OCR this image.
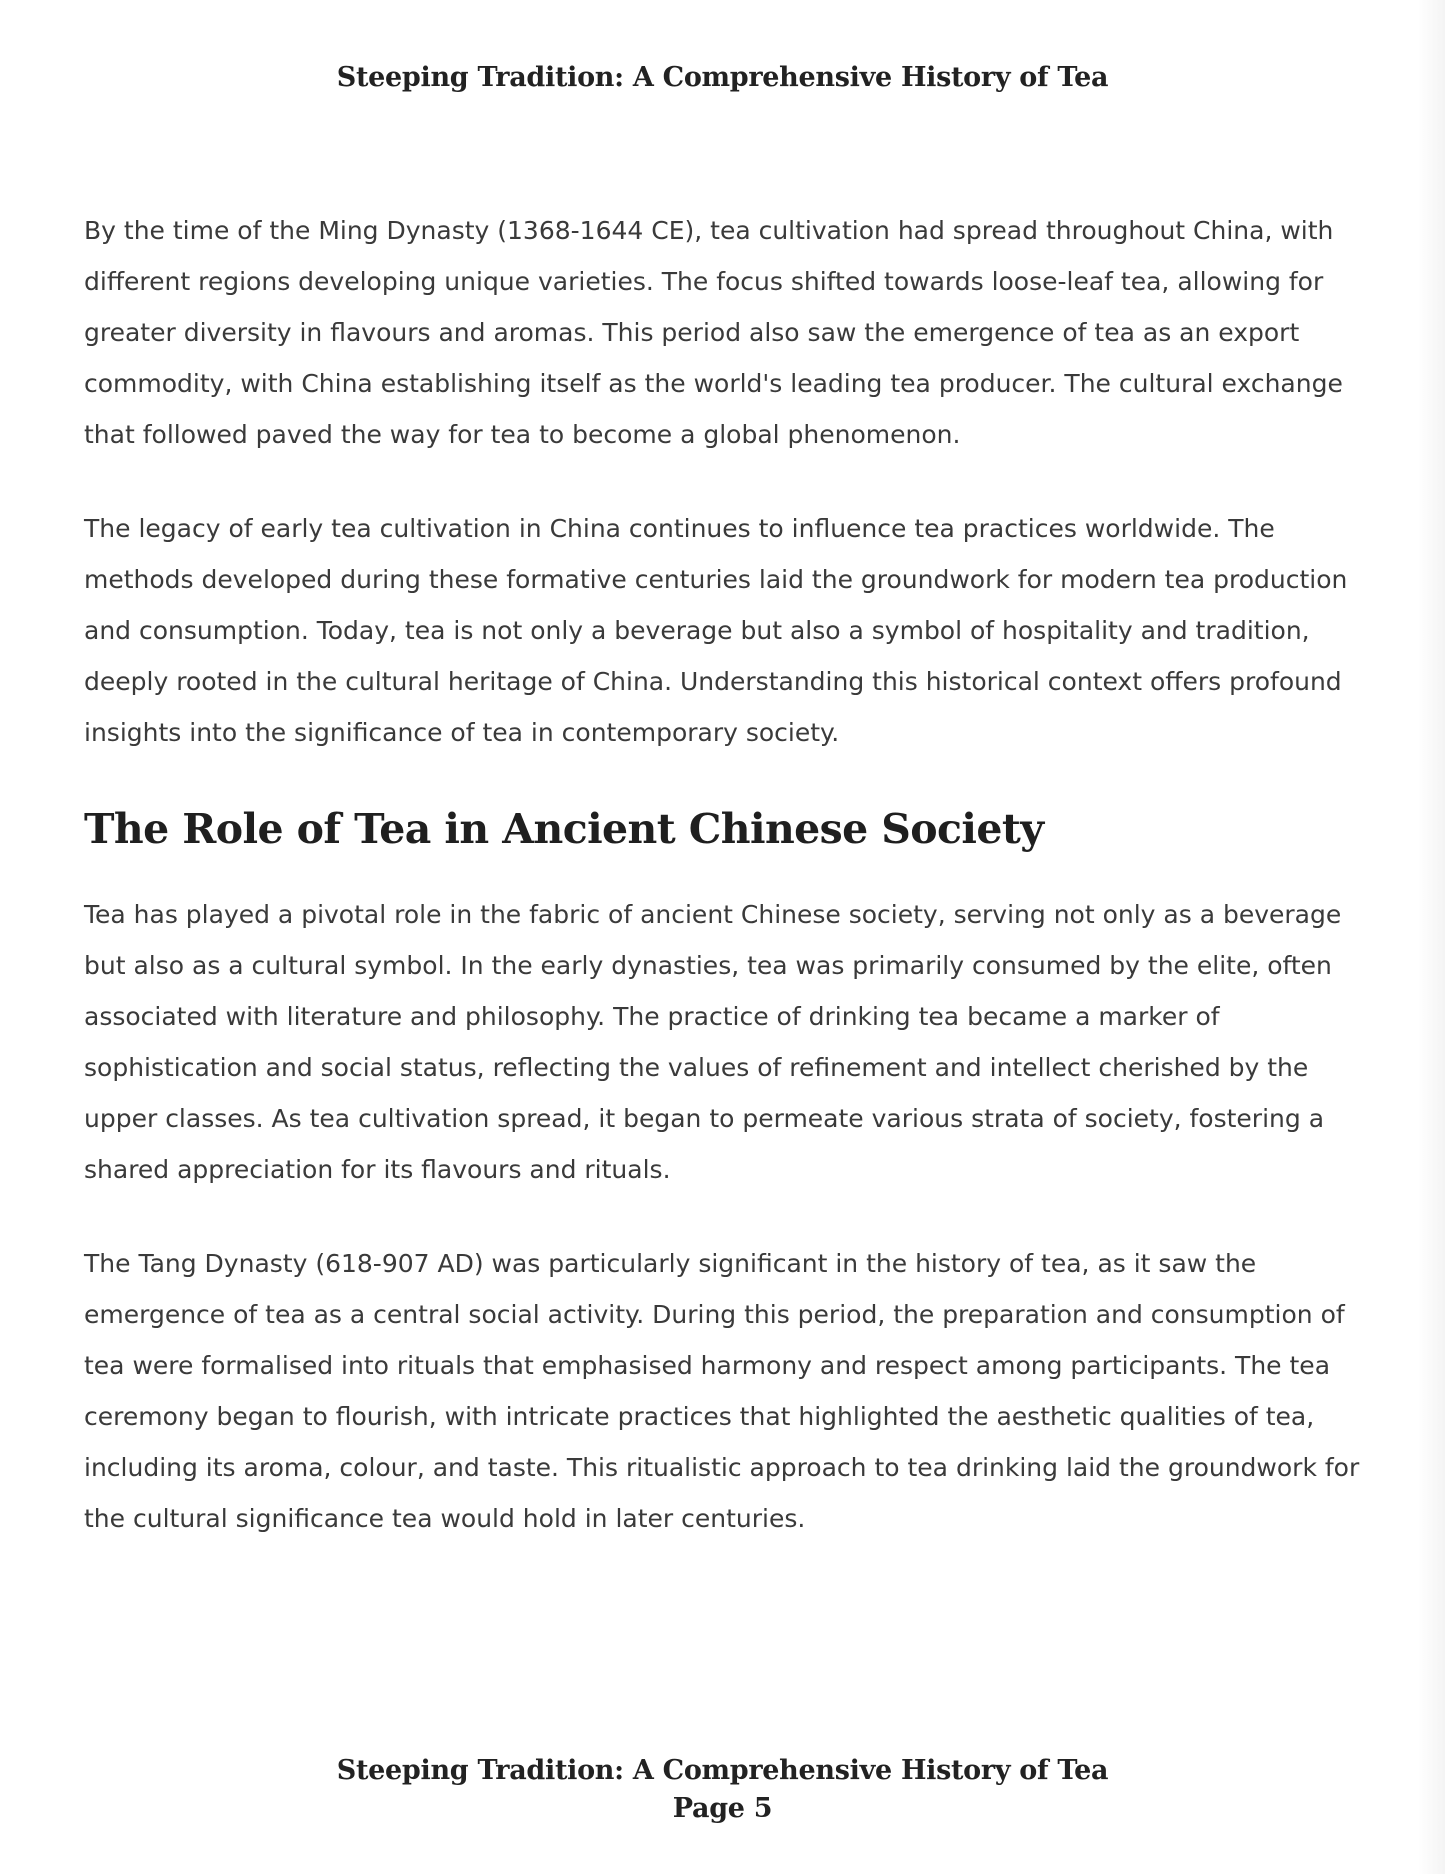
Steeping Tradition: A Comprehensive History of Tea

By the time of the Ming Dynasty (1368-1644 CE), tea cultivation had spread throughout China, with different regions developing unique varieties. The focus shifted towards loose-leaf tea, allowing for greater diversity in flavours and aromas. This period also saw the emergence of tea as an export commodity, with China establishing itself as the world's leading tea producer. The cultural exchange that followed paved the way for tea to become a global phenomenon.

The legacy of early tea cultivation in China continues to influence tea practices worldwide. The methods developed during these formative centuries laid the groundwork for modern tea production and consumption. Today, tea is not only a beverage but also a symbol of hospitality and tradition, deeply rooted in the cultural heritage of China. Understanding this historical context offers profound insights into the significance of tea in contemporary society.

The Role of Tea in Ancient Chinese Society

Tea has played a pivotal role in the fabric of ancient Chinese society, serving not only as a beverage but also as a cultural symbol. In the early dynasties, tea was primarily consumed by the elite, often associated with literature and philosophy. The practice of drinking tea became a marker of sophistication and social status, reflecting the values of refinement and intellect cherished by the upper classes. As tea cultivation spread, it began to permeate various strata of society, fostering a shared appreciation for its flavours and rituals.

The Tang Dynasty (618-907 AD) was particularly significant in the history of tea, as it saw the emergence of tea as a central social activity. During this period, the preparation and consumption of tea were formalised into rituals that emphasised harmony and respect among participants. The tea ceremony began to flourish, with intricate practices that highlighted the aesthetic qualities of tea, including its aroma, colour, and taste. This ritualistic approach to tea drinking laid the groundwork for the cultural significance tea would hold in later centuries.

Steeping Tradition: A Comprehensive History of Tea
Page 5
